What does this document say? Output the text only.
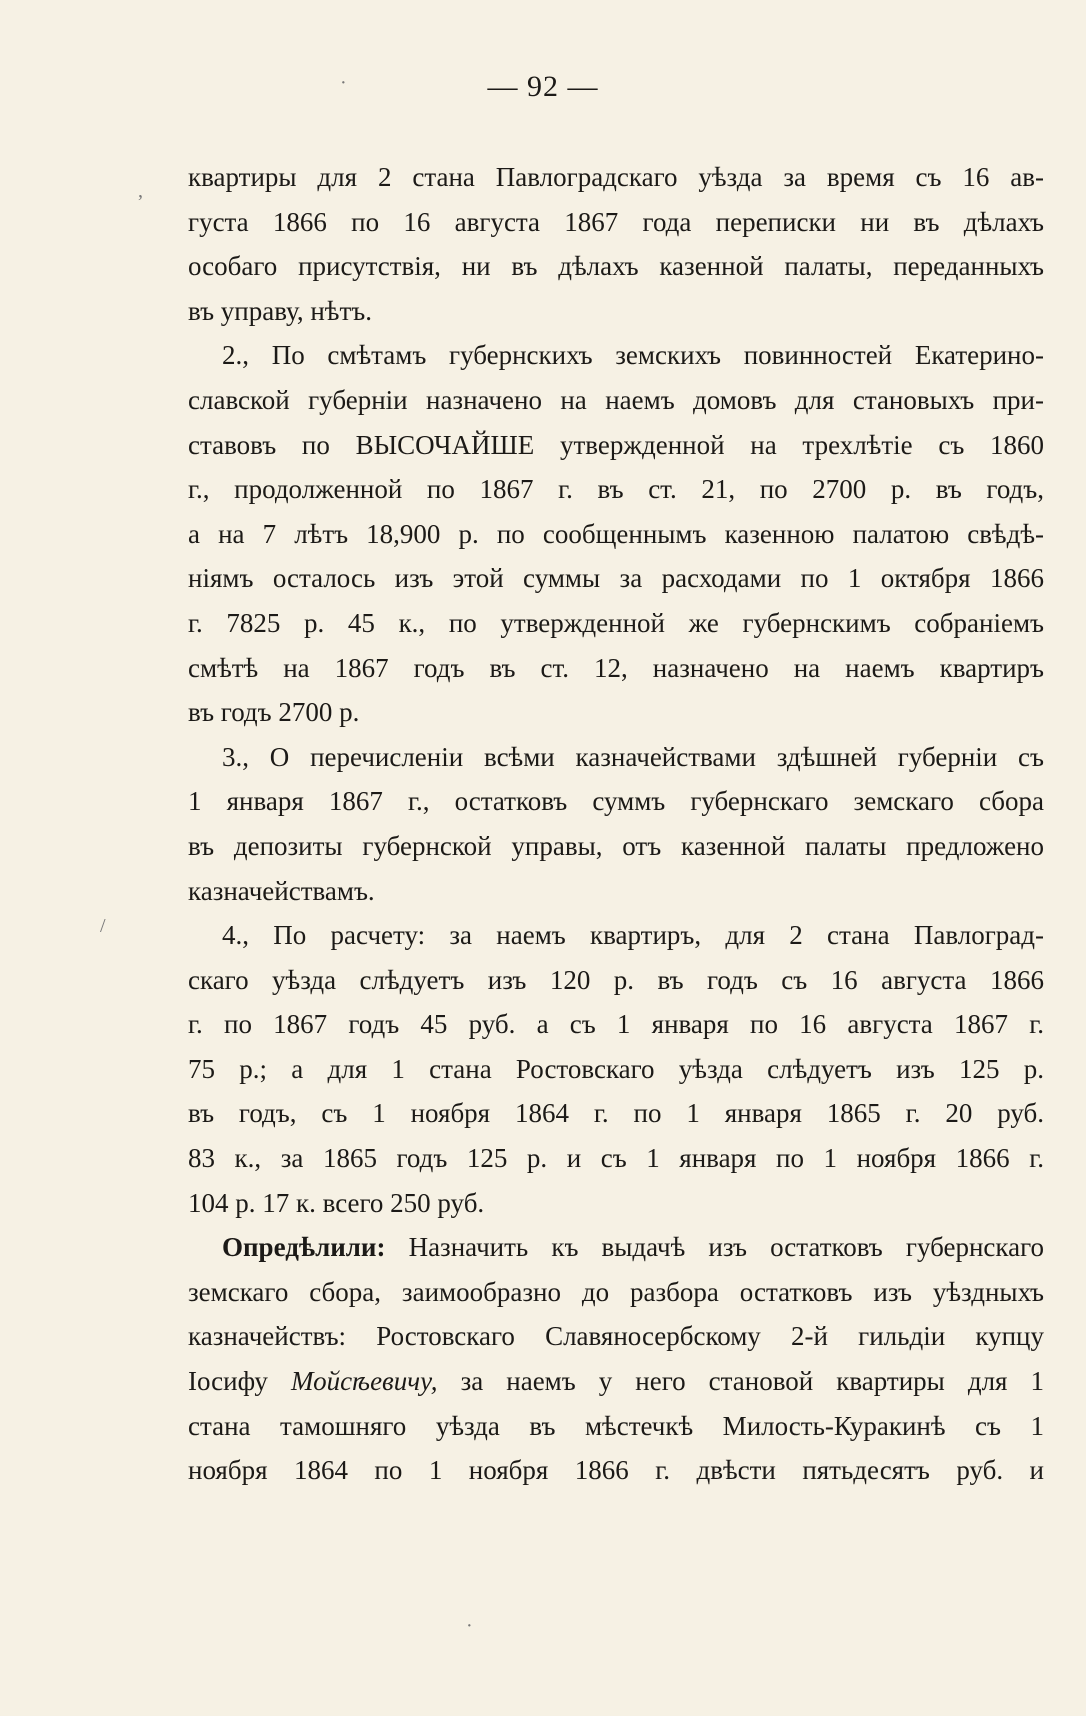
·
,
/
·
— 92 —
квартиры для 2 стана Павлоградскаго уѣзда за время съ 16 ав-
густа 1866 по 16 августа 1867 года переписки ни въ дѣлахъ
особаго присутствія, ни въ дѣлахъ казенной палаты, переданныхъ
въ управу, нѣтъ.
2., По смѣтамъ губернскихъ земскихъ повинностей Екатерино-
славской губерніи назначено на наемъ домовъ для становыхъ при-
ставовъ по ВЫСОЧАЙШЕ утвержденной на трехлѣтіе съ 1860
г., продолженной по 1867 г. въ ст. 21, по 2700 р. въ годъ,
а на 7 лѣтъ 18,900 р. по сообщеннымъ казенною палатою свѣдѣ-
ніямъ осталось изъ этой суммы за расходами по 1 октября 1866
г. 7825 р. 45 к., по утвержденной же губернскимъ собраніемъ
смѣтѣ на 1867 годъ въ ст. 12, назначено на наемъ квартиръ
въ годъ 2700 р.
3., О перечисленіи всѣми казначействами здѣшней губерніи съ
1 января 1867 г., остатковъ суммъ губернскаго земскаго сбора
въ депозиты губернской управы, отъ казенной палаты предложено
казначействамъ.
4., По расчету: за наемъ квартиръ, для 2 стана Павлоград-
скаго уѣзда слѣдуетъ изъ 120 р. въ годъ съ 16 августа 1866
г. по 1867 годъ 45 руб. а съ 1 января по 16 августа 1867 г.
75 р.; а для 1 стана Ростовскаго уѣзда слѣдуетъ изъ 125 р.
въ годъ, съ 1 ноября 1864 г. по 1 января 1865 г. 20 руб.
83 к., за 1865 годъ 125 р. и съ 1 января по 1 ноября 1866 г.
104 р. 17 к. всего 250 руб.
Опредѣлили: Назначить къ выдачѣ изъ остатковъ губернскаго
земскаго сбора, заимообразно до разбора остатковъ изъ уѣздныхъ
казначействъ: Ростовскаго Славяносербскому 2-й гильдіи купцу
Іосифу Мойсѣевичу, за наемъ у него становой квартиры для 1
стана тамошняго уѣзда въ мѣстечкѣ Милость-Куракинѣ съ 1
ноября 1864 по 1 ноября 1866 г. двѣсти пятьдесятъ руб. и
